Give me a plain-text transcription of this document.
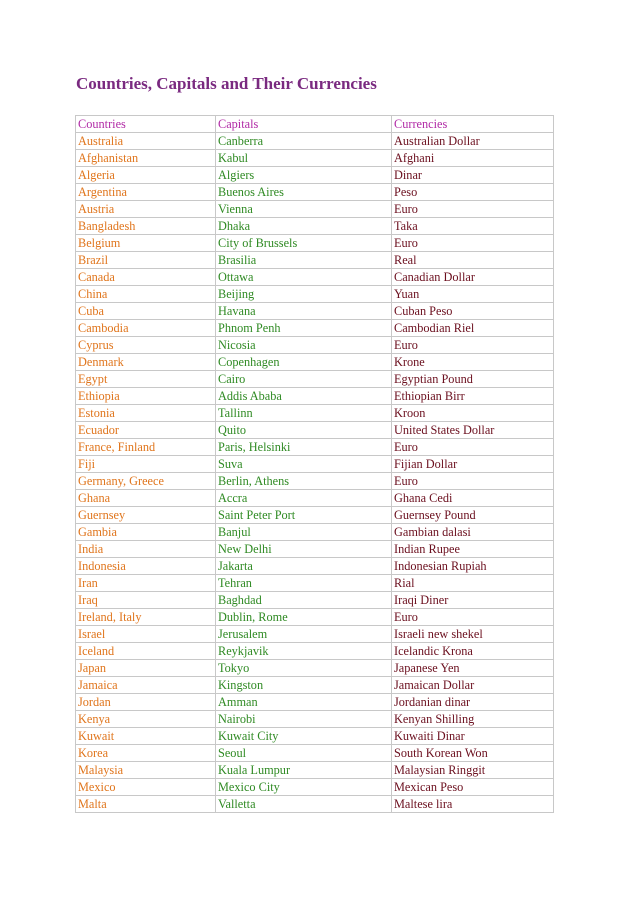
Countries, Capitals and Their Currencies
Countries	Capitals	Currencies
Australia	Canberra	Australian Dollar
Afghanistan	Kabul	Afghani
Algeria	Algiers	Dinar
Argentina	Buenos Aires	Peso
Austria	Vienna	Euro
Bangladesh	Dhaka	Taka
Belgium	City of Brussels	Euro
Brazil	Brasilia	Real
Canada	Ottawa	Canadian Dollar
China	Beijing	Yuan
Cuba	Havana	Cuban Peso
Cambodia	Phnom Penh	Cambodian Riel
Cyprus	Nicosia	Euro
Denmark	Copenhagen	Krone
Egypt	Cairo	Egyptian Pound
Ethiopia	Addis Ababa	Ethiopian Birr
Estonia	Tallinn	Kroon
Ecuador	Quito	United States Dollar
France, Finland	Paris, Helsinki	Euro
Fiji	Suva	Fijian Dollar
Germany, Greece	Berlin, Athens	Euro
Ghana	Accra	Ghana Cedi
Guernsey	Saint Peter Port	Guernsey Pound
Gambia	Banjul	Gambian dalasi
India	New Delhi	Indian Rupee
Indonesia	Jakarta	Indonesian Rupiah
Iran	Tehran	Rial
Iraq	Baghdad	Iraqi Diner
Ireland, Italy	Dublin, Rome	Euro
Israel	Jerusalem	Israeli new shekel
Iceland	Reykjavik	Icelandic Krona
Japan	Tokyo	Japanese Yen
Jamaica	Kingston	Jamaican Dollar
Jordan	Amman	Jordanian dinar
Kenya	Nairobi	Kenyan Shilling
Kuwait	Kuwait City	Kuwaiti Dinar
Korea	Seoul	South Korean Won
Malaysia	Kuala Lumpur	Malaysian Ringgit
Mexico	Mexico City	Mexican Peso
Malta	Valletta	Maltese lira
